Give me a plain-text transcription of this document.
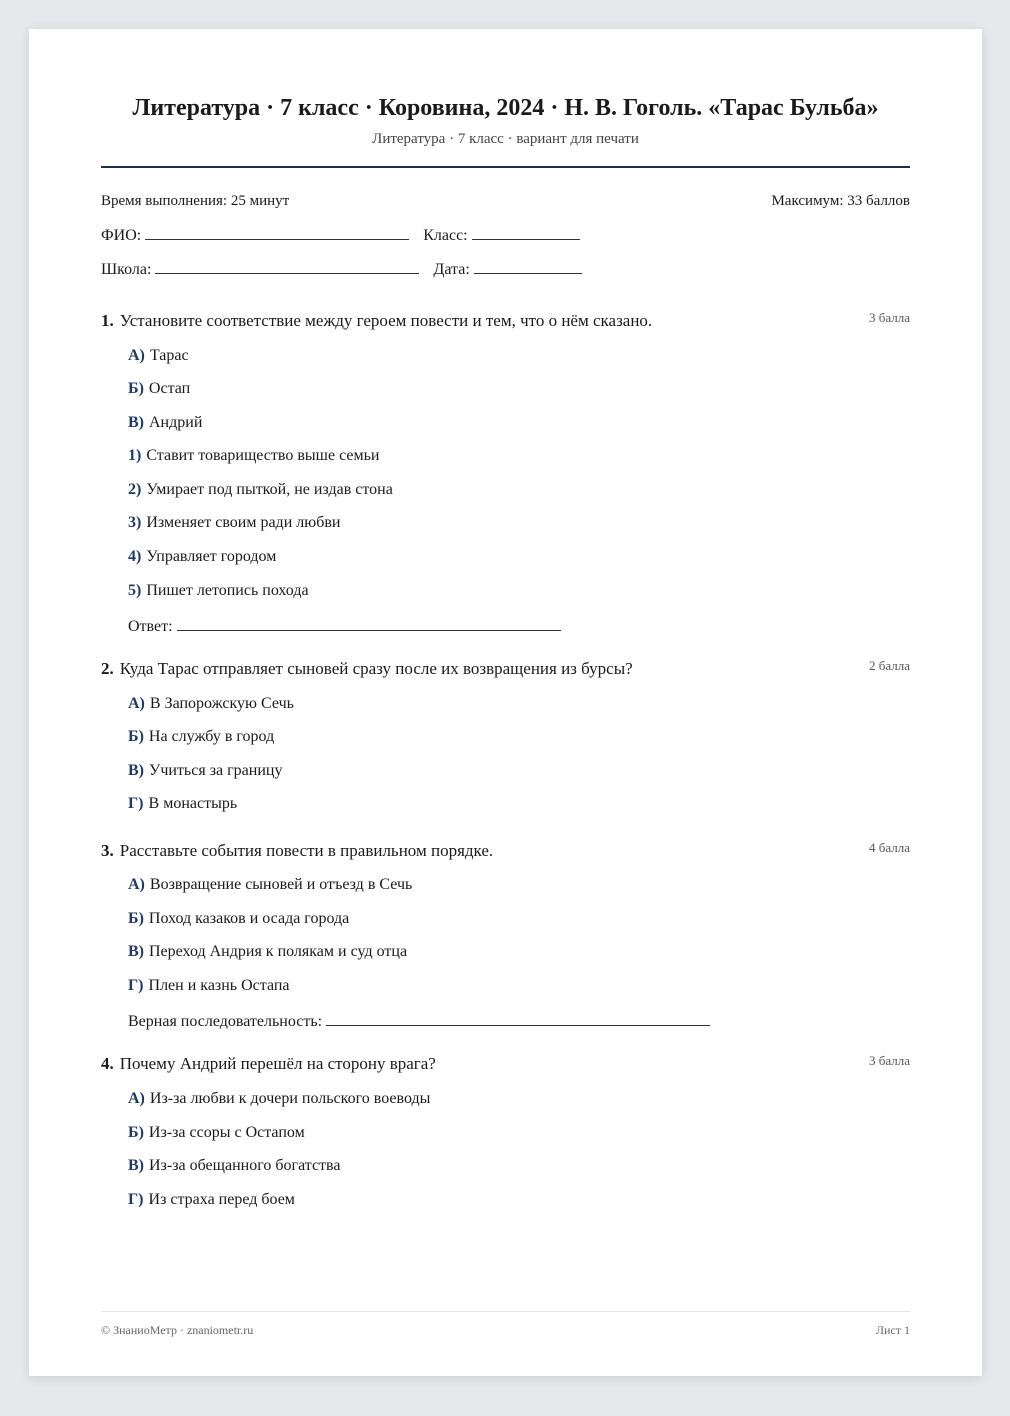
Литература · 7 класс · Коровина, 2024 · Н. В. Гоголь. «Тарас Бульба»
Литература · 7 класс · вариант для печати
Время выполнения: 25 минут	Максимум: 33 баллов
ФИО:	Класс:
Школа:	Дата:
1. Установите соответствие между героем повести и тем, что о нём сказано.	3 балла
А) Тарас
Б) Остап
В) Андрий
1) Ставит товарищество выше семьи
2) Умирает под пыткой, не издав стона
3) Изменяет своим ради любви
4) Управляет городом
5) Пишет летопись похода
Ответ:
2. Куда Тарас отправляет сыновей сразу после их возвращения из бурсы?	2 балла
А) В Запорожскую Сечь
Б) На службу в город
В) Учиться за границу
Г) В монастырь
3. Расставьте события повести в правильном порядке.	4 балла
А) Возвращение сыновей и отъезд в Сечь
Б) Поход казаков и осада города
В) Переход Андрия к полякам и суд отца
Г) Плен и казнь Остапа
Верная последовательность:
4. Почему Андрий перешёл на сторону врага?	3 балла
А) Из-за любви к дочери польского воеводы
Б) Из-за ссоры с Остапом
В) Из-за обещанного богатства
Г) Из страха перед боем
© ЗнаниоМетр · znaniometr.ru	Лист 1
